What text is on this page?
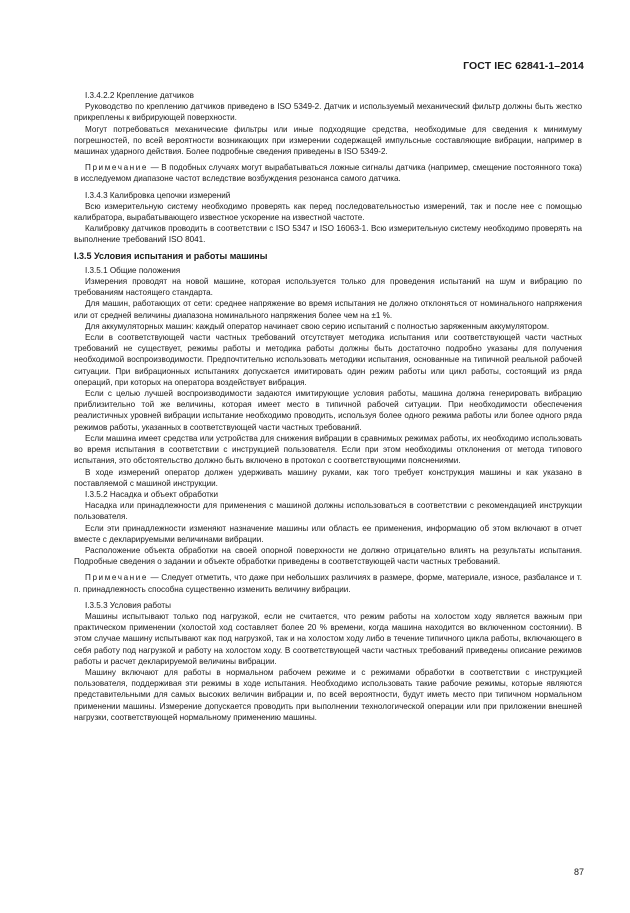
ГОСТ IEC 62841-1–2014

I.3.4.2.2 Крепление датчиков

Руководство по креплению датчиков приведено в ISO 5349-2. Датчик и используемый механический фильтр должны быть жестко прикреплены к вибрирующей поверхности.

Могут потребоваться механические фильтры или иные подходящие средства, необходимые для сведения к минимуму погрешностей, по всей вероятности возникающих при измерении содержащей импульсные составляющие вибрации, например в машинах ударного действия. Более подробные сведения приведены в ISO 5349-2.

Примечание — В подобных случаях могут вырабатываться ложные сигналы датчика (например, смещение постоянного тока) в исследуемом диапазоне частот вследствие возбуждения резонанса самого датчика.

I.3.4.3 Калибровка цепочки измерений

Всю измерительную систему необходимо проверять как перед последовательностью измерений, так и после нее с помощью калибратора, вырабатывающего известное ускорение на известной частоте.

Калибровку датчиков проводить в соответствии с ISO 5347 и ISO 16063-1. Всю измерительную систему необходимо проверять на выполнение требований ISO 8041.

I.3.5 Условия испытания и работы машины

I.3.5.1 Общие положения

Измерения проводят на новой машине, которая используется только для проведения испытаний на шум и вибрацию по требованиям настоящего стандарта.

Для машин, работающих от сети: среднее напряжение во время испытания не должно отклоняться от номинального напряжения или от средней величины диапазона номинального напряжения более чем на ±1 %.

Для аккумуляторных машин: каждый оператор начинает свою серию испытаний с полностью заряженным аккумулятором.

Если в соответствующей части частных требований отсутствует методика испытания или соответствующей части частных требований не существует, режимы работы и методика работы должны быть достаточно подробно указаны для получения необходимой воспроизводимости. Предпочтительно использовать методики испытания, основанные на типичной реальной рабочей ситуации. При вибрационных испытаниях допускается имитировать один режим работы или цикл работы, состоящий из ряда операций, при которых на оператора воздействует вибрация.

Если с целью лучшей воспроизводимости задаются имитирующие условия работы, машина должна генерировать вибрацию приблизительно той же величины, которая имеет место в типичной рабочей ситуации. При необходимости обеспечения реалистичных уровней вибрации испытание необходимо проводить, используя более одного режима работы или более одного ряда режимов работы, указанных в соответствующей части частных требований.

Если машина имеет средства или устройства для снижения вибрации в сравнимых режимах работы, их необходимо использовать во время испытания в соответствии с инструкцией пользователя. Если при этом необходимы отклонения от метода типового испытания, это обстоятельство должно быть включено в протокол с соответствующими пояснениями.

В ходе измерений оператор должен удерживать машину руками, как того требует конструкция машины и как указано в поставляемой с машиной инструкции.

I.3.5.2 Насадка и объект обработки

Насадка или принадлежности для применения с машиной должны использоваться в соответствии с рекомендацией инструкции пользователя.

Если эти принадлежности изменяют назначение машины или область ее применения, информацию об этом включают в отчет вместе с декларируемыми величинами вибрации.

Расположение объекта обработки на своей опорной поверхности не должно отрицательно влиять на результаты испытания. Подробные сведения о задании и объекте обработки приведены в соответствующей части частных требований.

Примечание — Следует отметить, что даже при небольших различиях в размере, форме, материале, износе, разбалансе и т. п. принадлежность способна существенно изменить величину вибрации.

I.3.5.3 Условия работы

Машины испытывают только под нагрузкой, если не считается, что режим работы на холостом ходу является важным при практическом применении (холостой ход составляет более 20 % времени, когда машина находится во включенном состоянии). В этом случае машину испытывают как под нагрузкой, так и на холостом ходу либо в течение типичного цикла работы, включающего в себя работу под нагрузкой и работу на холостом ходу. В соответствующей части частных требований приведены описание режимов работы и расчет декларируемой величины вибрации.

Машину включают для работы в нормальном рабочем режиме и с режимами обработки в соответствии с инструкцией пользователя, поддерживая эти режимы в ходе испытания. Необходимо использовать такие рабочие режимы, которые являются представительными для самых высоких величин вибрации и, по всей вероятности, будут иметь место при типичном нормальном применении машины. Измерение допускается проводить при выполнении технологической операции или при приложении внешней нагрузки, соответствующей нормальному применению машины.

87
